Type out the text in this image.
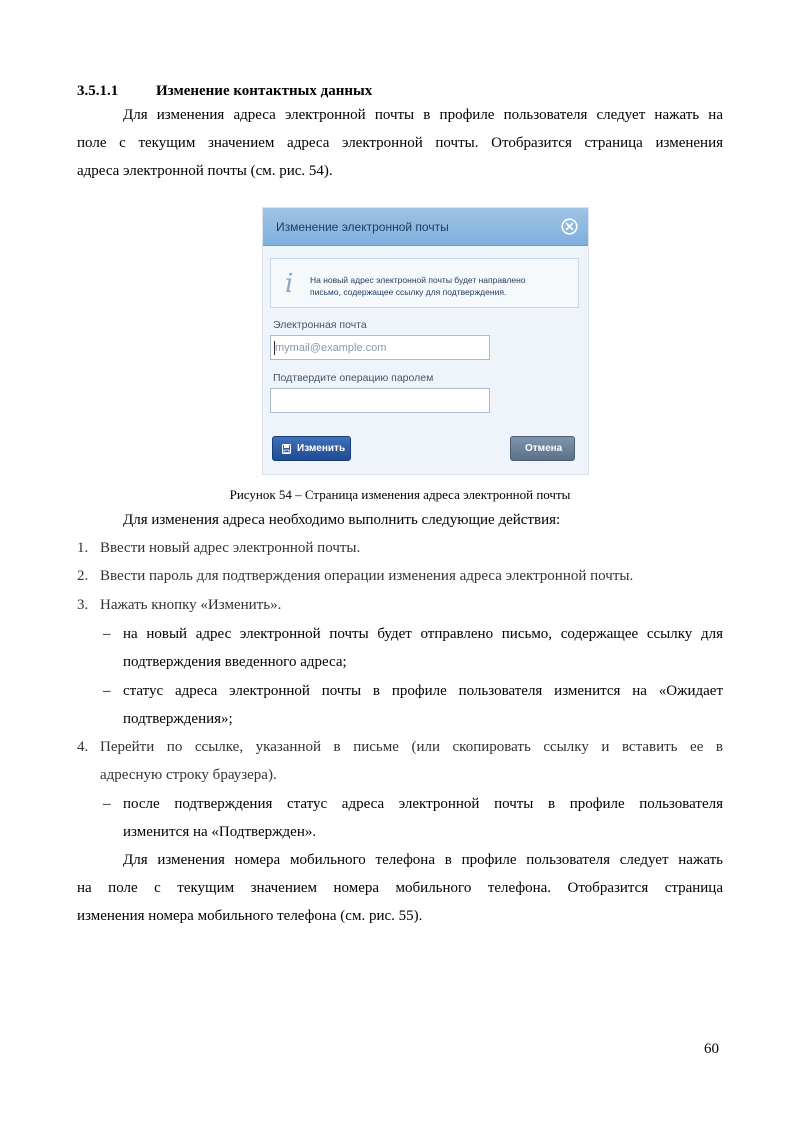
3.5.1.1	Изменение контактных данных
Для изменения адреса электронной почты в профиле пользователя следует нажать на
поле с текущим значением адреса электронной почты. Отобразится страница изменения
адреса электронной почты (см. рис. 54).
Изменение электронной почты
i На новый адрес электронной почты будет направлено
письмо, содержащее ссылку для подтверждения.
Электронная почта
mymail@example.com
Подтвердите операцию паролем
Изменить	Отмена
Рисунок 54 – Страница изменения адреса электронной почты
Для изменения адреса необходимо выполнить следующие действия:
1. Ввести новый адрес электронной почты.
2. Ввести пароль для подтверждения операции изменения адреса электронной почты.
3. Нажать кнопку «Изменить».
– на новый адрес электронной почты будет отправлено письмо, содержащее ссылку для
подтверждения введенного адреса;
– статус адреса электронной почты в профиле пользователя изменится на «Ожидает
подтверждения»;
4. Перейти по ссылке, указанной в письме (или скопировать ссылку и вставить ее в
адресную строку браузера).
– после подтверждения статус адреса электронной почты в профиле пользователя
изменится на «Подтвержден».
Для изменения номера мобильного телефона в профиле пользователя следует нажать
на поле с текущим значением номера мобильного телефона. Отобразится страница
изменения номера мобильного телефона (см. рис. 55).
60
